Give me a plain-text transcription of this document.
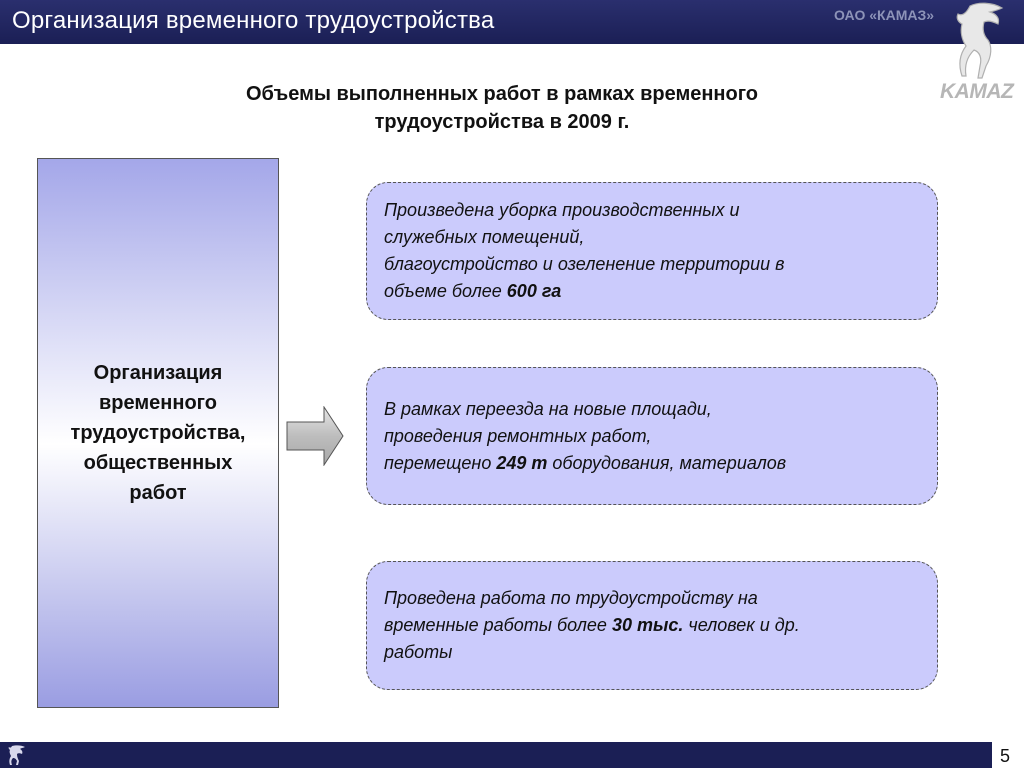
Организация временного трудоустройства	ОАО «КАМАЗ»
KAMAZ
Объемы выполненных работ в рамках временного
трудоустройства в 2009 г.
Организация
временного
трудоустройства,
общественных
работ
Произведена уборка производственных и
служебных помещений,
благоустройство и озеленение территории в
объеме более 600 га
В рамках переезда на новые площади,
проведения ремонтных работ,
перемещено 249 т оборудования, материалов
Проведена работа по трудоустройству на
временные работы более 30 тыс. человек и др.
работы
5
